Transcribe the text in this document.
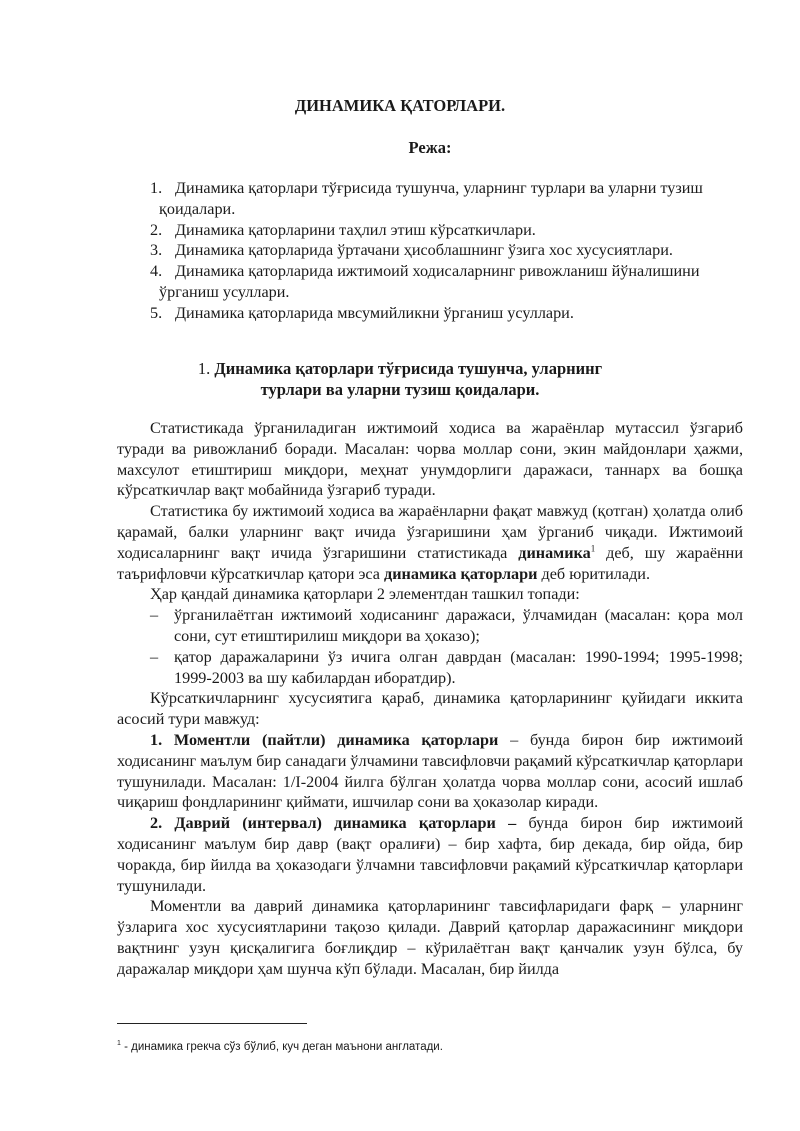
ДИНАМИКА ҚАТОРЛАРИ.
Режа:
1. Динамика қаторлари тўғрисида тушунча, уларнинг турлари ва уларни тузиш
қоидалари.
2. Динамика қаторларини таҳлил этиш кўрсаткичлари.
3. Динамика қаторларида ўртачани ҳисоблашнинг ўзига хос хусусиятлари.
4. Динамика қаторларида ижтимоий ходисаларнинг ривожланиш йўналишини
ўрганиш усуллари.
5. Динамика қаторларида мвсумийликни ўрганиш усуллари.
1. Динамика қаторлари тўғрисида тушунча, уларнинг
турлари ва уларни тузиш қоидалари.

Статистикада ўрганиладиган ижтимоий ходиса ва жараёнлар мутассил ўзгариб туради ва ривожланиб боради. Масалан: чорва моллар сони, экин майдонлари ҳажми, махсулот етиштириш миқдори, меҳнат унумдорлиги даражаси, таннарх ва бошқа кўрсаткичлар вақт мобайнида ўзгариб туради.

Статистика бу ижтимоий ходиса ва жараёнларни фақат мавжуд (қотган) ҳолатда олиб қарамай, балки уларнинг вақт ичида ўзгаришини ҳам ўрганиб чиқади. Ижтимоий ходисаларнинг вақт ичида ўзгаришини статистикада динамика$^1$ деб, шу жараённи таърифловчи кўрсаткичлар қатори эса динамика қаторлари деб юритилади.

Ҳар қандай динамика қаторлари 2 элементдан ташкил топади:

– ўрганилаётган ижтимоий ходисанинг даражаси, ўлчамидан (масалан: қора мол сони, сут етиштирилиш миқдори ва ҳоказо);
– қатор даражаларини ўз ичига олган даврдан (масалан: 1990-1994; 1995-1998; 1999-2003 ва шу кабилардан иборатдир).

Кўрсаткичларнинг хусусиятига қараб, динамика қаторларининг қуйидаги иккита асосий тури мавжуд:

1. Моментли (пайтли) динамика қаторлари – бунда бирон бир ижтимоий ходисанинг маълум бир санадаги ўлчамини тавсифловчи рақамий кўрсаткичлар қаторлари тушунилади. Масалан: 1/I-2004 йилга бўлган ҳолатда чорва моллар сони, асосий ишлаб чиқариш фондларининг қиймати, ишчилар сони ва ҳоказолар киради.

2. Даврий (интервал) динамика қаторлари – бунда бирон бир ижтимоий ходисанинг маълум бир давр (вақт оралиғи) – бир хафта, бир декада, бир ойда, бир чоракда, бир йилда ва ҳоказодаги ўлчамни тавсифловчи рақамий кўрсаткичлар қаторлари тушунилади.

Моментли ва даврий динамика қаторларининг тавсифларидаги фарқ – уларнинг ўзларига хос хусусиятларини тақозо қилади. Даврий қаторлар даражасининг миқдори вақтнинг узун қисқалигига боғлиқдир – кўрилаётган вақт қанчалик узун бўлса, бу даражалар миқдори ҳам шунча кўп бўлади. Масалан, бир йилда

$^1$ - динамика грекча сўз бўлиб, куч деган маънони англатади.
